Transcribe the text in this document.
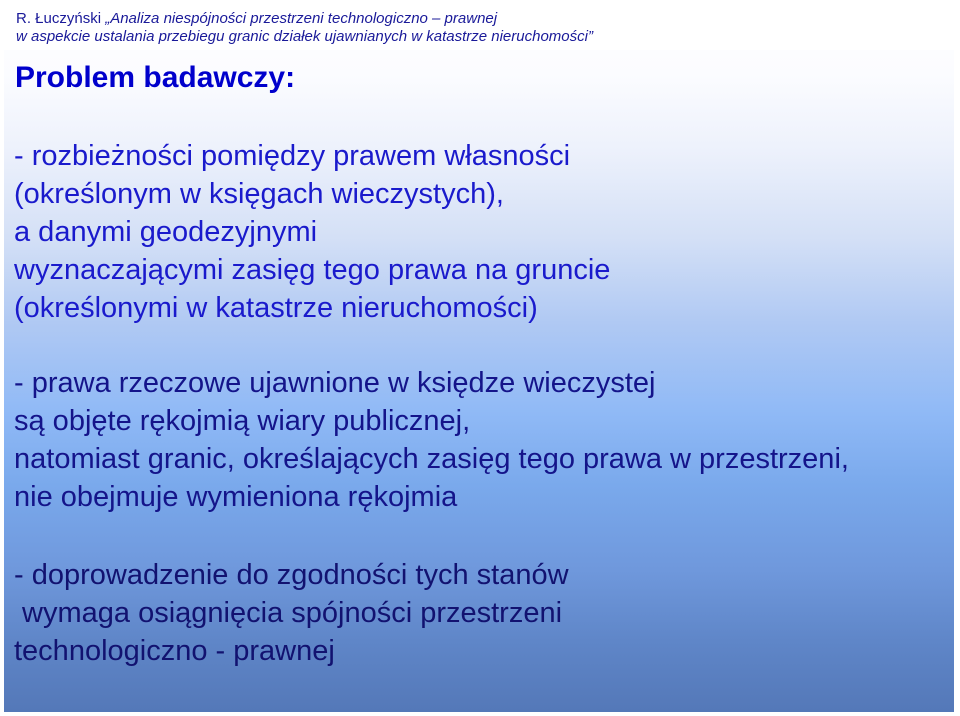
R. Łuczyński „Analiza niespójności przestrzeni technologiczno – prawnej
w aspekcie ustalania przebiegu granic działek ujawnianych w katastrze nieruchomości”
Problem badawczy:

- rozbieżności pomiędzy prawem własności
(określonym w księgach wieczystych),
a danymi geodezyjnymi
wyznaczającymi zasięg tego prawa na gruncie
(określonymi w katastrze nieruchomości)

- prawa rzeczowe ujawnione w księdze wieczystej
są objęte rękojmią wiary publicznej,
natomiast granic, określających zasięg tego prawa w przestrzeni,
nie obejmuje wymieniona rękojmia

- doprowadzenie do zgodności tych stanów
wymaga osiągnięcia spójności przestrzeni
technologiczno - prawnej
